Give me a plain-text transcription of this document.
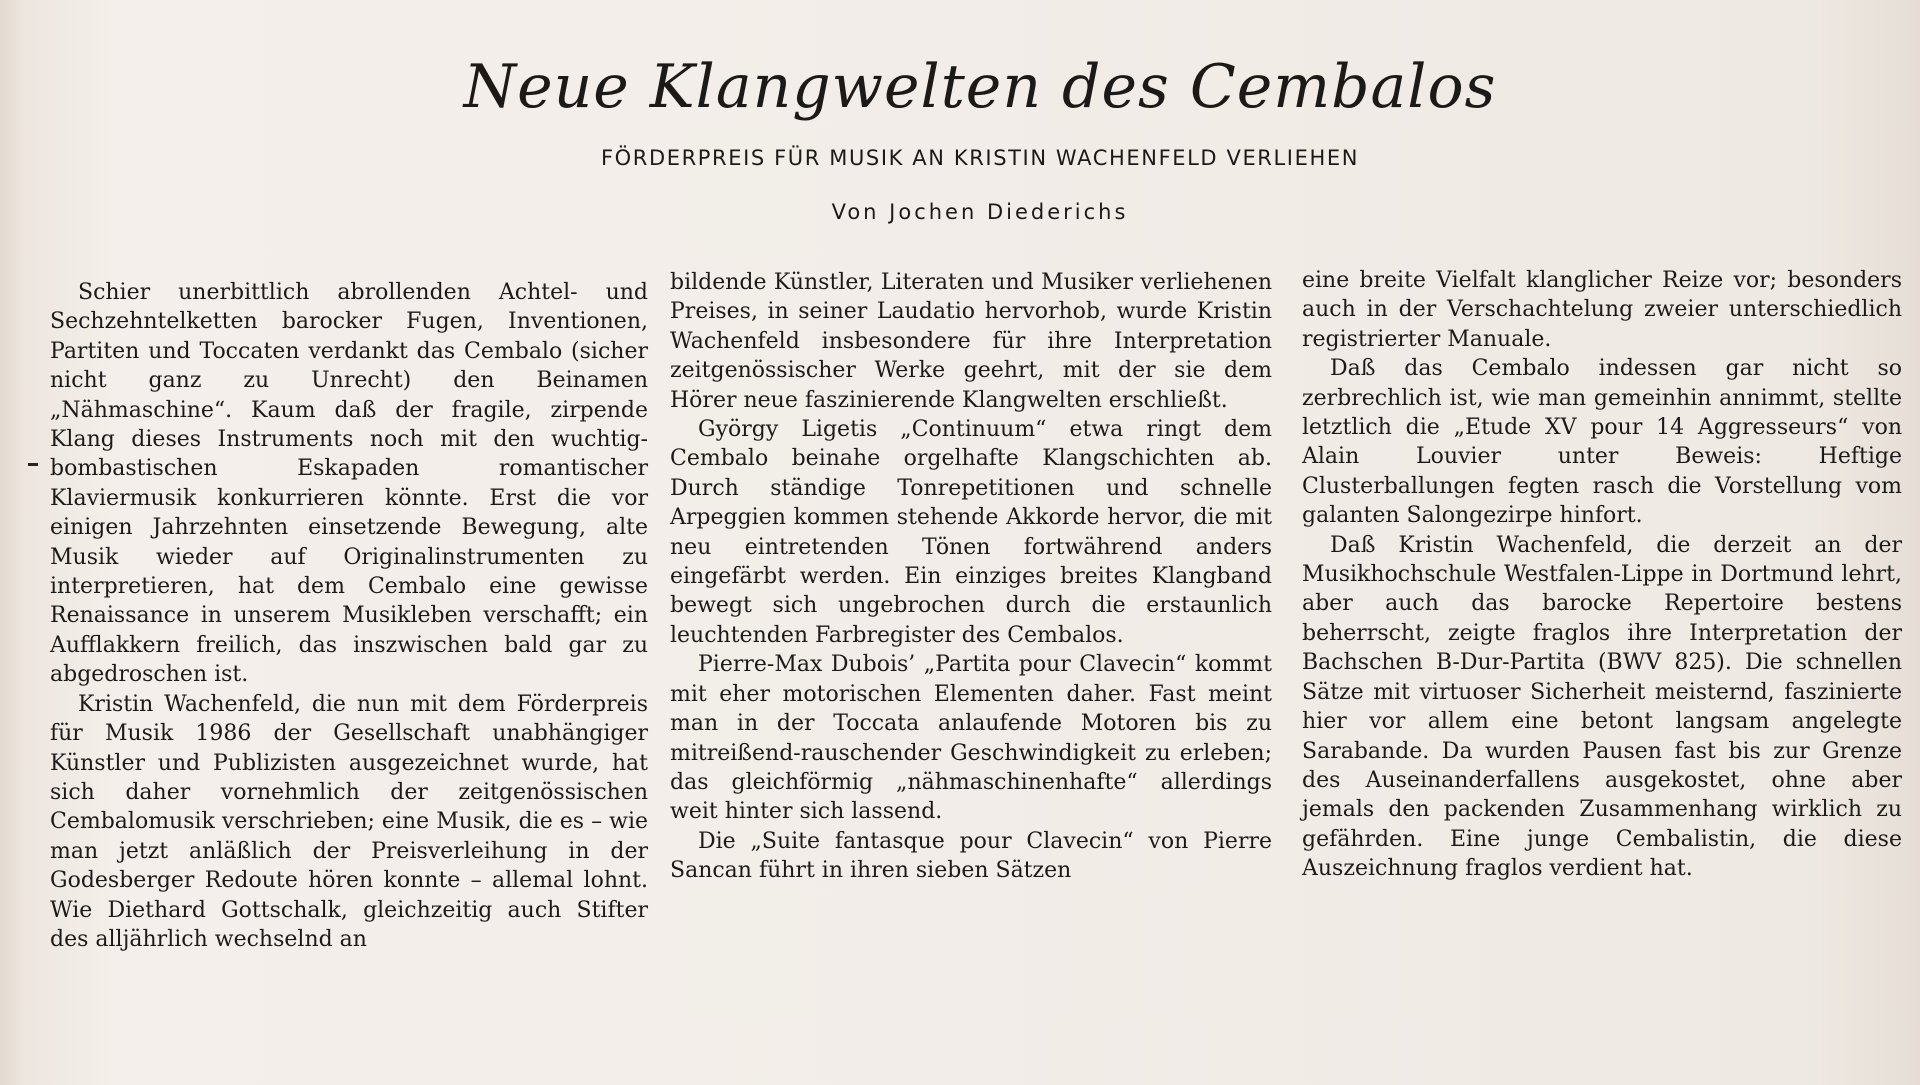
Neue Klangwelten des Cembalos
FÖRDERPREIS FÜR MUSIK AN KRISTIN WACHENFELD VERLIEHEN
Von Jochen Diederichs

Schier unerbittlich abrollenden Achtel- und Sechzehntelketten barocker Fugen, Inventionen, Partiten und Toccaten verdankt das Cembalo (sicher nicht ganz zu Unrecht) den Beinamen „Nähmaschine“. Kaum daß der fragile, zirpende Klang dieses Instruments noch mit den wuchtig-bombastischen Eskapaden romantischer Klaviermusik konkurrieren könnte. Erst die vor einigen Jahrzehnten einsetzende Bewegung, alte Musik wieder auf Originalinstrumenten zu interpretieren, hat dem Cembalo eine gewisse Renaissance in unserem Musikleben verschafft; ein Aufflakkern freilich, das inszwischen bald gar zu abgedroschen ist.

Kristin Wachenfeld, die nun mit dem Förderpreis für Musik 1986 der Gesellschaft unabhängiger Künstler und Publizisten ausgezeichnet wurde, hat sich daher vornehmlich der zeitgenössischen Cembalomusik verschrieben; eine Musik, die es – wie man jetzt anläßlich der Preisverleihung in der Godesberger Redoute hören konnte – allemal lohnt. Wie Diethard Gottschalk, gleichzeitig auch Stifter des alljährlich wechselnd an

bildende Künstler, Literaten und Musiker verliehenen Preises, in seiner Laudatio hervorhob, wurde Kristin Wachenfeld insbesondere für ihre Interpretation zeitgenössischer Werke geehrt, mit der sie dem Hörer neue faszinierende Klangwelten erschließt.

György Ligetis „Continuum“ etwa ringt dem Cembalo beinahe orgelhafte Klangschichten ab. Durch ständige Tonrepetitionen und schnelle Arpeggien kommen stehende Akkorde hervor, die mit neu eintretenden Tönen fortwährend anders eingefärbt werden. Ein einziges breites Klangband bewegt sich ungebrochen durch die erstaunlich leuchtenden Farbregister des Cembalos.

Pierre-Max Dubois’ „Partita pour Clavecin“ kommt mit eher motorischen Elementen daher. Fast meint man in der Toccata anlaufende Motoren bis zu mitreißend-rauschender Geschwindigkeit zu erleben; das gleichförmig „nähmaschinenhafte“ allerdings weit hinter sich lassend.

Die „Suite fantasque pour Clavecin“ von Pierre Sancan führt in ihren sieben Sätzen

eine breite Vielfalt klanglicher Reize vor; besonders auch in der Verschachtelung zweier unterschiedlich registrierter Manuale.

Daß das Cembalo indessen gar nicht so zerbrechlich ist, wie man gemeinhin annimmt, stellte letztlich die „Etude XV pour 14 Aggresseurs“ von Alain Louvier unter Beweis: Heftige Clusterballungen fegten rasch die Vorstellung vom galanten Salongezirpe hinfort.

Daß Kristin Wachenfeld, die derzeit an der Musikhochschule Westfalen-Lippe in Dortmund lehrt, aber auch das barocke Repertoire bestens beherrscht, zeigte fraglos ihre Interpretation der Bachschen B-Dur-Partita (BWV 825). Die schnellen Sätze mit virtuoser Sicherheit meisternd, faszinierte hier vor allem eine betont langsam angelegte Sarabande. Da wurden Pausen fast bis zur Grenze des Auseinanderfallens ausgekostet, ohne aber jemals den packenden Zusammenhang wirklich zu gefährden. Eine junge Cembalistin, die diese Auszeichnung fraglos verdient hat.
